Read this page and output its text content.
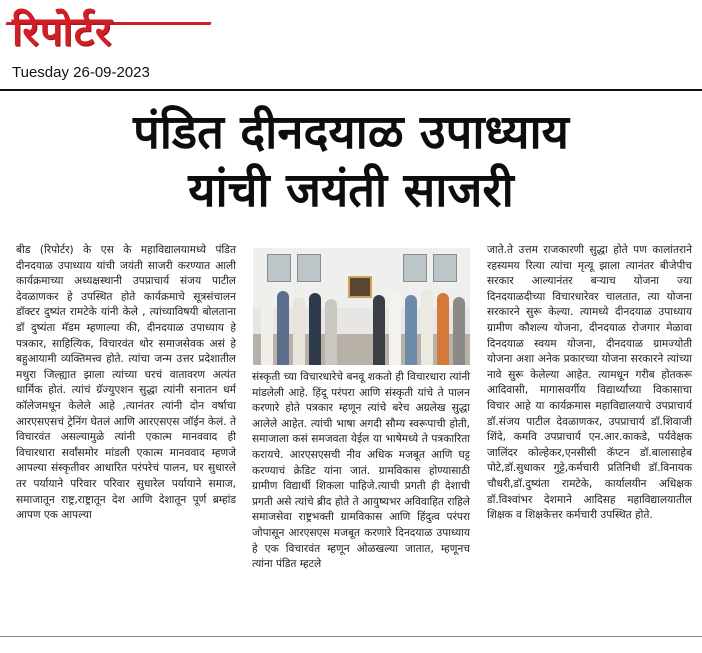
रिपोर्टर
Tuesday 26-09-2023
पंडित दीनदयाळ उपाध्याय
यांची जयंती साजरी
बीड (रिपोर्टर) के एस के महाविद्यालयामध्ये पंडित दीनदयाळ उपाध्याय यांची जयंती साजरी करण्यात आली कार्यक्रमाच्या अध्यक्षस्थानी उपप्राचार्य संजय पाटील देवळाणकर हे उपस्थित होते कार्यक्रमाचे सूत्रसंचालन डॉक्टर दुष्यंत रामटेके यांनी केले , त्यांच्याविषयी बोलताना डॉ दुष्यंता मॅडम म्हणाल्या की, दीनदयाळ उपाध्याय हे पत्रकार, साहित्यिक, विचारवंत थोर समाजसेवक असं हे बहुआयामी व्यक्तिमत्त्व होते. त्यांचा जन्म उत्तर प्रदेशातील मथुरा जिल्ह्यात झाला त्यांच्या घरचं वातावरण अत्यंत धार्मिक होतं. त्यांचं ग्रॅज्युएशन सुद्धा त्यांनी सनातन धर्म कॉलेजमधून केलेले आहे ,त्यानंतर त्यांनी दोन वर्षाचा आरएसएसचं ट्रेनिंग घेतलं आणि आरएसएस जॉईन केलं. ते विचारवंत असल्यामुळे त्यांनी एकात्म मानववाद ही विचारधारा सर्वांसमोर मांडली एकात्म मानववाद म्हणजे आपल्या संस्कृतीवर आधारित परंपरेचं पालन, घर सुधारले तर पर्यायाने परिवार परिवार सुधारेल पर्यायाने समाज, समाजातून राष्ट्र,राष्ट्रातून देश आणि देशातून पूर्ण ब्रम्हांड आपण एक आपल्या
संस्कृती च्या विचारधारेचे बनवू शकतो ही विचारधारा त्यांनी मांडलेली आहे. हिंदू परंपरा आणि संस्कृती यांचे ते पालन करणारे होते पत्रकार म्हणून त्यांचे बरेच अग्रलेख सुद्धा आलेले आहेत. त्यांची भाषा अगदी सौम्य स्वरूपाची होती, समाजाला कसं समजवता येईल या भाषेमध्ये ते पत्रकारिता करायचे. आरएसएसची नीव अधिक मजबूत आणि घट्ट करण्याचं क्रेडिट यांना जातं. ग्रामविकास होण्यासाठी ग्रामीण विद्यार्थी शिकला पाहिजे.त्याची प्रगती ही देशाची प्रगती असे त्यांचे ब्रीद होते ते आयुष्यभर अविवाहित राहिले समाजसेवा राष्ट्रभक्ती ग्रामविकास आणि हिंदुत्व परंपरा जोपासून आरएसएस मजबूत करणारे दिनदयाळ उपाध्याय हे एक विचारवंत म्हणून ओळखल्या जातात, म्हणूनच त्यांना पंडित म्हटले
जाते.ते उत्तम राजकारणी सुद्धा होते पण कालांतराने रहस्यमय रित्या त्यांचा मृत्यू झाला त्यानंतर बीजेपीच सरकार आल्यानंतर बऱ्याच योजना ज्या दिनदयाळदीच्या विचारधारेवर चालतात, त्या योजना सरकारने सुरू केल्या. त्यामध्ये दीनदयाळ उपाध्याय ग्रामीण कौशल्य योजना, दीनदयाळ रोजगार मेळावा दिनदयाळ स्वयम योजना, दीनदयाळ ग्रामज्योती योजना अशा अनेक प्रकारच्या योजना सरकारने त्यांच्या नावे सुरू केलेल्या आहेत. त्यामधून गरीब होतकरू आदिवासी, मागासवर्गीय विद्यार्थ्यांच्या विकासाचा विचार आहे या कार्यक्रमास महाविद्यालयाचे उपप्राचार्य डॉ.संजय पाटील देवळाणकर, उपप्राचार्य डॉ.शिवाजी शिंदे, कमवि उपप्राचार्य एन.आर.काकडे, पर्यवेक्षक जालिंदर कोल्हेकर,एनसीसी कॅप्टन डॉ.बालासाहेब पोटे,डॉ.सुधाकर गुट्टे,कर्मचारी प्रतिनिधी डॉ.विनायक चौधरी,डॉ.दुष्यंता रामटेके, कार्यालयीन अधिक्षक डॉ.विश्वांभर देशमाने आदिसह महाविद्यालयातील शिक्षक व शिक्षकेत्तर कर्मचारी उपस्थित होते.
